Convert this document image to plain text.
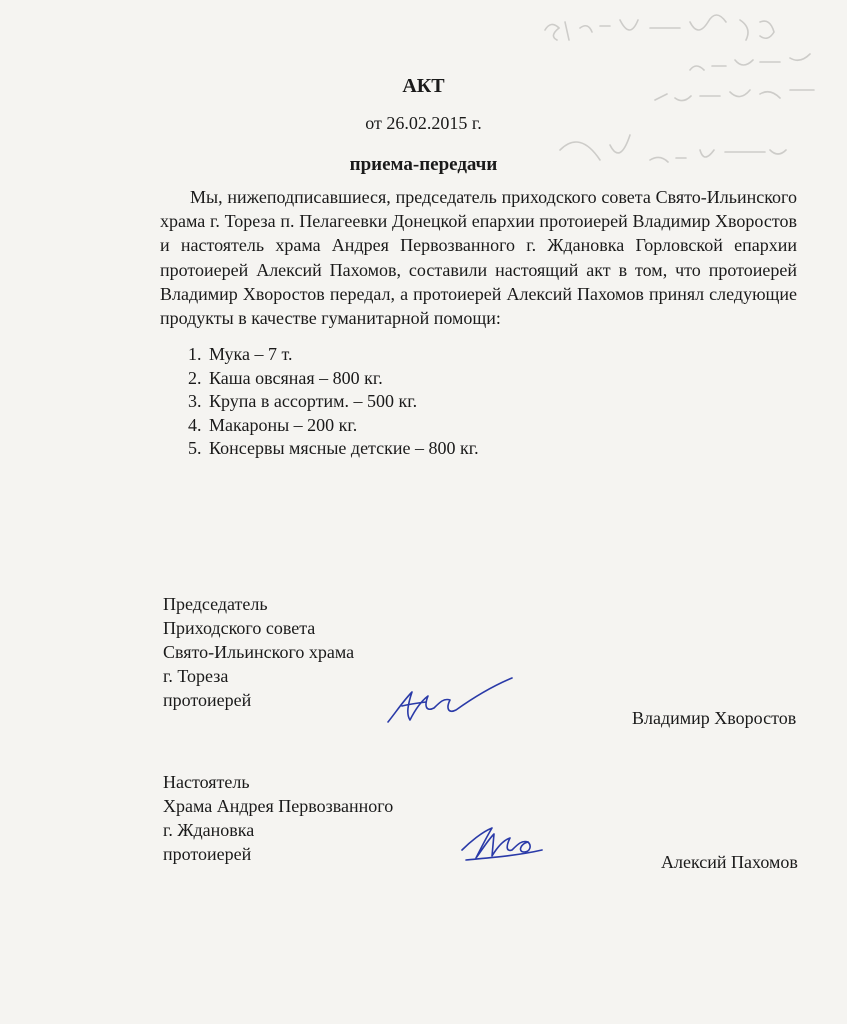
АКТ
от 26.02.2015 г.
приема-передачи

Мы, нижеподписавшиеся, председатель приходского совета Свято-Ильинского храма г. Тореза п. Пелагеевки Донецкой епархии протоиерей Владимир Хворостов и настоятель храма Андрея Первозванного г. Ждановка Горловской епархии протоиерей Алексий Пахомов, составили настоящий акт в том, что протоиерей Владимир Хворостов передал, а протоиерей Алексий Пахомов принял следующие продукты в качестве гуманитарной помощи:

1. Мука – 7 т.
2. Каша овсяная – 800 кг.
3. Крупа в ассортим. – 500 кг.
4. Макароны – 200 кг.
5. Консервы мясные детские – 800 кг.
Председатель
Приходского совета
Свято-Ильинского храма
г. Тореза
протоиерей
Владимир Хворостов
Настоятель
Храма Андрея Первозванного
г. Ждановка
протоиерей	Алексий Пахомов
